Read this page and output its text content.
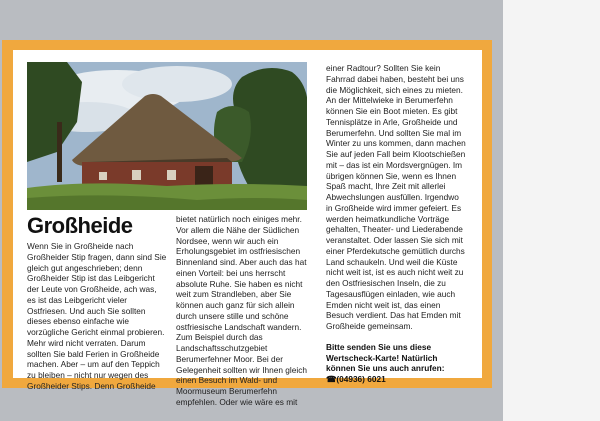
Großheide

Wenn Sie in Großheide nach Großheider Stip fragen, dann sind Sie gleich gut angeschrieben; denn Großheider Stip ist das Leibgericht der Leute von Großheide, ach was, es ist das Leibgericht vieler Ostfriesen. Und auch Sie sollten dieses ebenso einfache wie vorzügliche Gericht einmal probieren. Mehr wird nicht verraten. Darum sollten Sie bald Ferien in Großheide machen. Aber – um auf den Teppich zu bleiben – nicht nur wegen des Großheider Stips. Denn Großheide

bietet natürlich noch einiges mehr. Vor allem die Nähe der Südlichen Nordsee, wenn wir auch ein Erholungsgebiet im ostfriesischen Binnenland sind. Aber auch das hat einen Vorteil: bei uns herrscht absolute Ruhe. Sie haben es nicht weit zum Strandleben, aber Sie können auch ganz für sich allein durch unsere stille und schöne ostfriesische Landschaft wandern. Zum Beispiel durch das Landschaftsschutzgebiet Berumerfehner Moor. Bei der Gelegenheit sollten wir Ihnen gleich einen Besuch im Wald- und Moormuseum Berumerfehn empfehlen. Oder wie wäre es mit

einer Radtour? Sollten Sie kein Fahrrad dabei haben, besteht bei uns die Möglichkeit, sich eines zu mieten. An der Mittelwieke in Berumerfehn können Sie ein Boot mieten. Es gibt Tennisplätze in Arle, Großheide und Berumerfehn. Und sollten Sie mal im Winter zu uns kommen, dann machen Sie auf jeden Fall beim Klootschießen mit – das ist ein Mordsvergnügen. Im übrigen können Sie, wenn es Ihnen Spaß macht, Ihre Zeit mit allerlei Abwechslungen ausfüllen. Irgendwo in Großheide wird immer gefeiert. Es werden heimatkundliche Vorträge gehalten, Theater- und Liederabende veranstaltet. Oder lassen Sie sich mit einer Pferdekutsche gemütlich durchs Land schaukeln. Und weil die Küste nicht weit ist, ist es auch nicht weit zu den Ostfriesischen Inseln, die zu Tagesausflügen einladen, wie auch Emden nicht weit ist, das einen Besuch verdient. Das hat Emden mit Großheide gemeinsam.

Bitte senden Sie uns diese Wertscheck-Karte! Natürlich können Sie uns auch anrufen:
☎(04936) 6021
